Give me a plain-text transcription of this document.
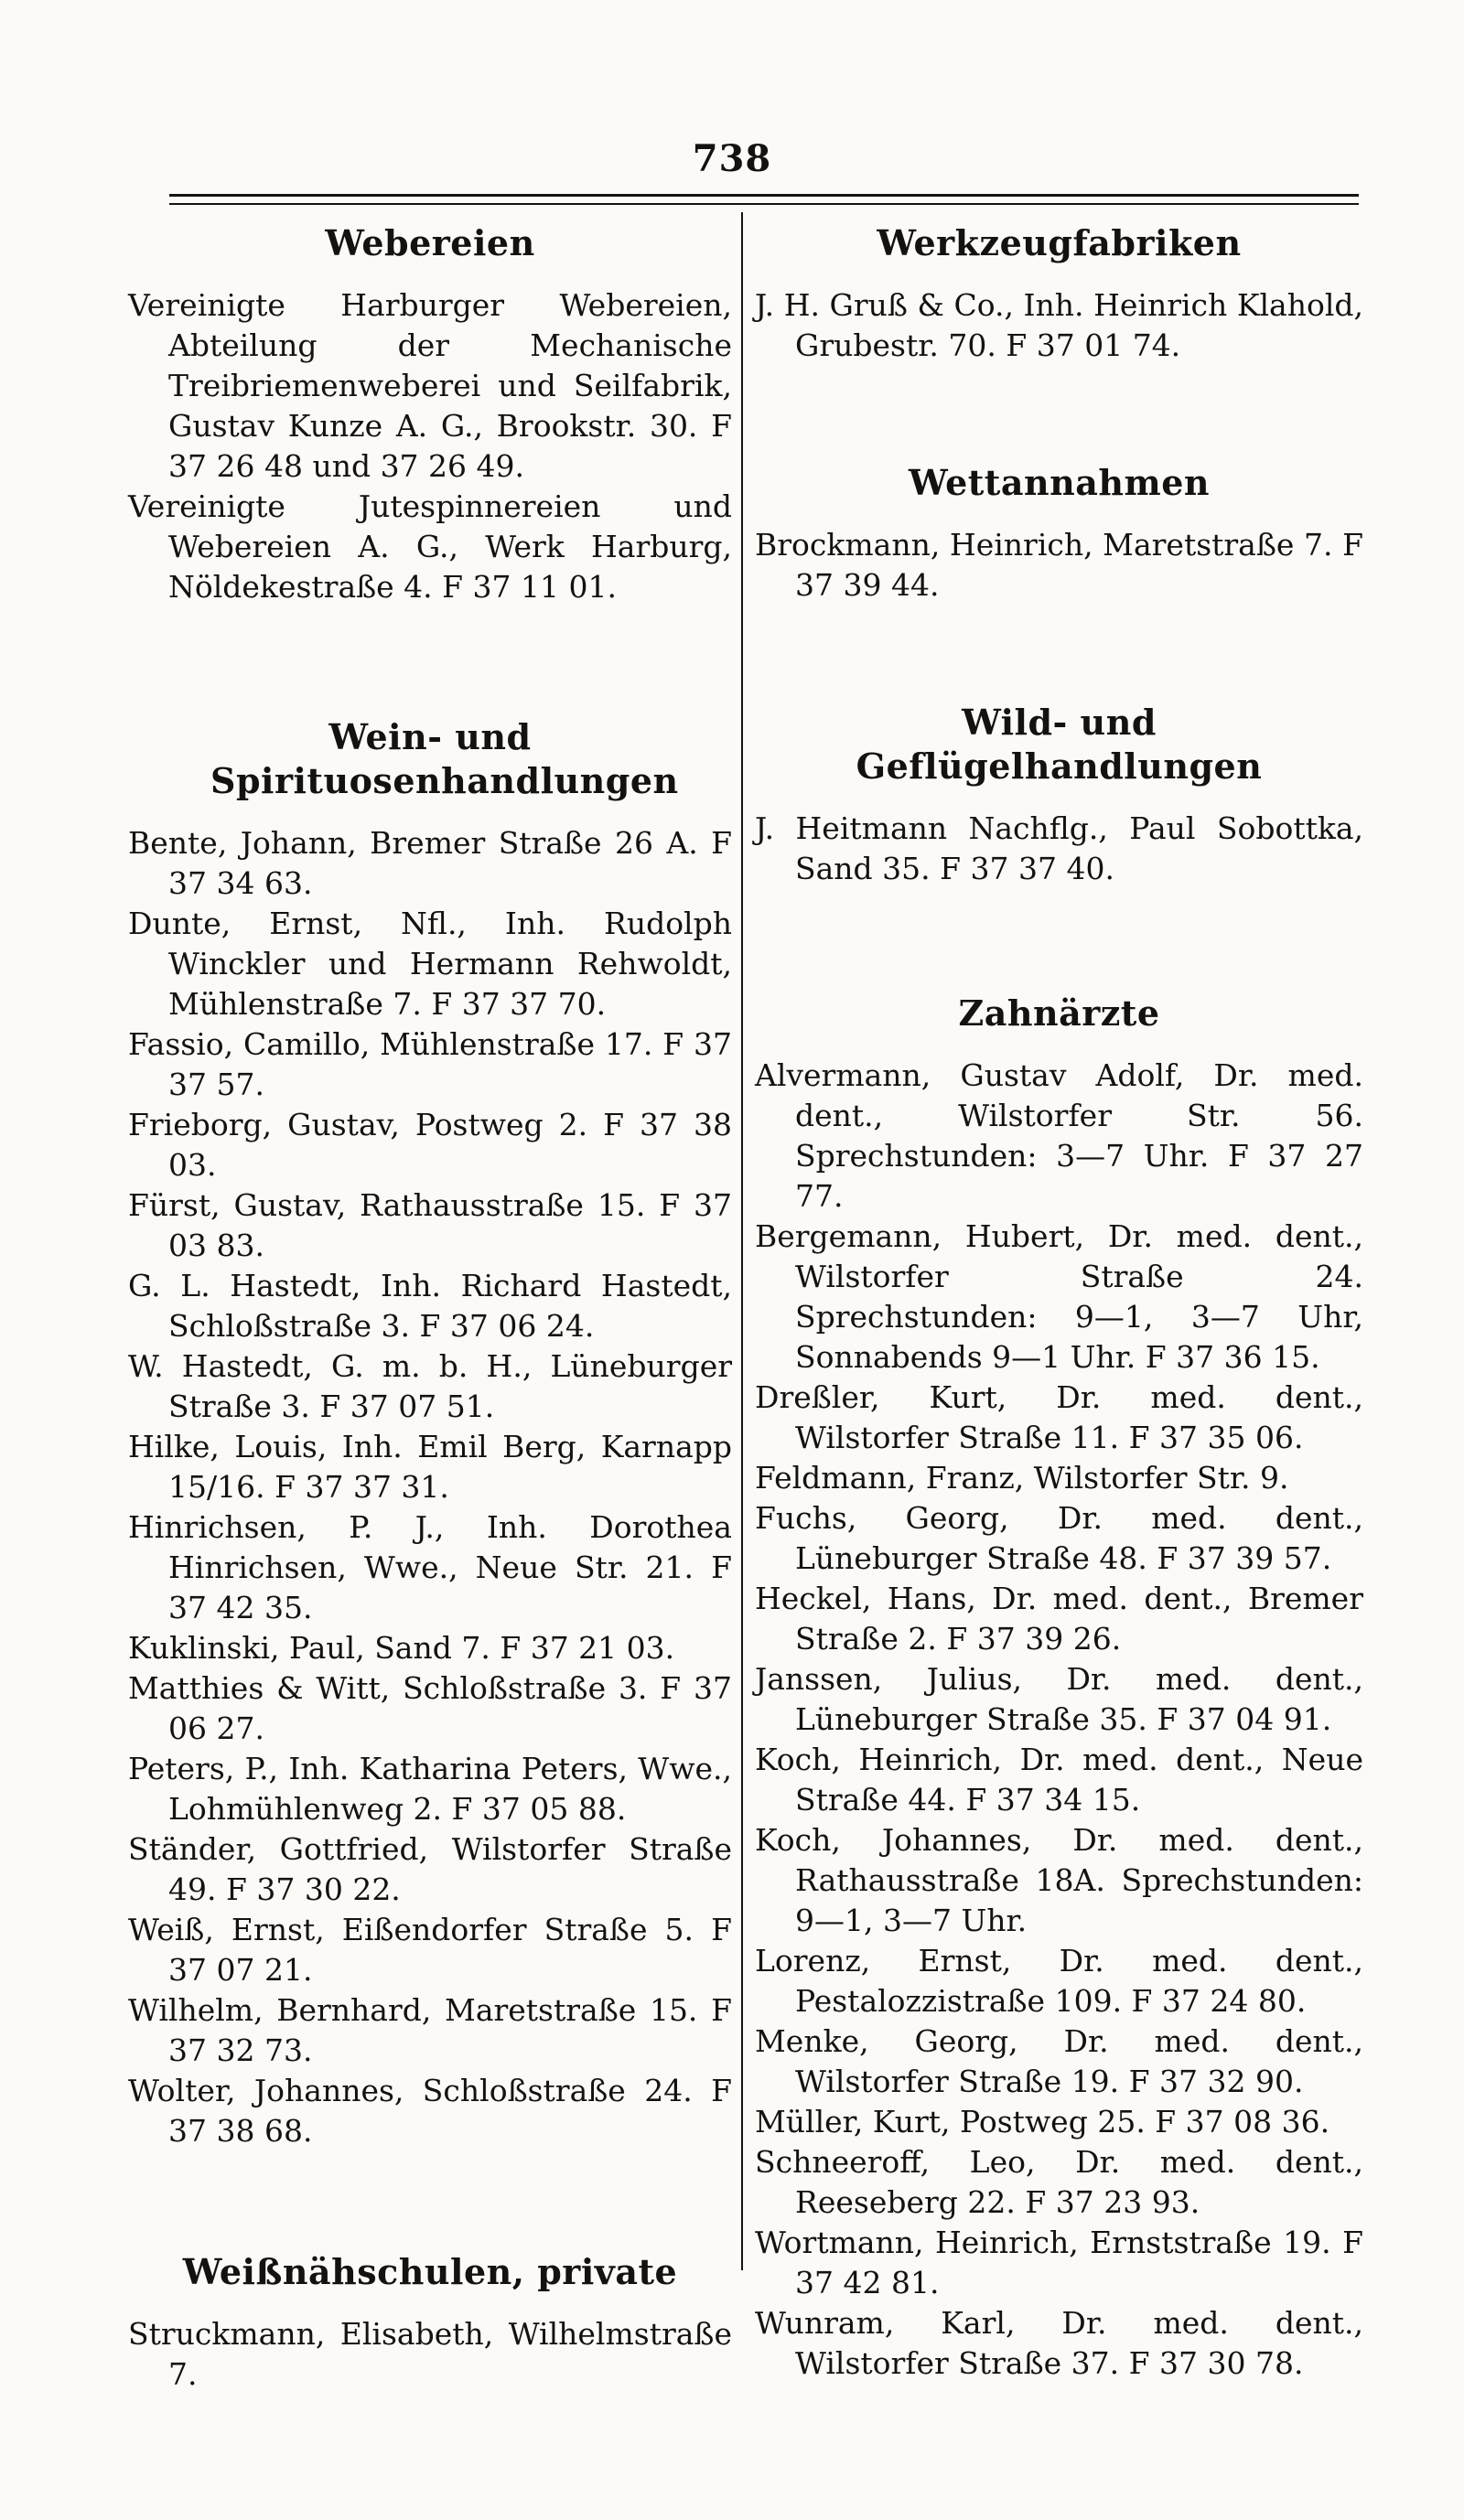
738
Webereien
Vereinigte Harburger Webereien, Abteilung der Mechanische Treibriemenweberei und Seilfabrik, Gustav Kunze A. G., Brookstr. 30. F 37 26 48 und 37 26 49.
Vereinigte Jutespinnereien und Webereien A. G., Werk Harburg, Nöldekestraße 4. F 37 11 01.
Wein- und Spirituosenhandlungen
Bente, Johann, Bremer Straße 26 A. F 37 34 63.
Dunte, Ernst, Nfl., Inh. Rudolph Winckler und Hermann Rehwoldt, Mühlenstraße 7. F 37 37 70.
Fassio, Camillo, Mühlenstraße 17. F 37 37 57.
Frieborg, Gustav, Postweg 2. F 37 38 03.
Fürst, Gustav, Rathausstraße 15. F 37 03 83.
G. L. Hastedt, Inh. Richard Hastedt, Schloßstraße 3. F 37 06 24.
W. Hastedt, G. m. b. H., Lüneburger Straße 3. F 37 07 51.
Hilke, Louis, Inh. Emil Berg, Karnapp 15/16. F 37 37 31.
Hinrichsen, P. J., Inh. Dorothea Hinrichsen, Wwe., Neue Str. 21. F 37 42 35.
Kuklinski, Paul, Sand 7. F 37 21 03.
Matthies & Witt, Schloßstraße 3. F 37 06 27.
Peters, P., Inh. Katharina Peters, Wwe., Lohmühlenweg 2. F 37 05 88.
Ständer, Gottfried, Wilstorfer Straße 49. F 37 30 22.
Weiß, Ernst, Eißendorfer Straße 5. F 37 07 21.
Wilhelm, Bernhard, Maretstraße 15. F 37 32 73.
Wolter, Johannes, Schloßstraße 24. F 37 38 68.
Weißnähschulen, private
Struckmann, Elisabeth, Wilhelmstraße 7.
Werkzeugfabriken
J. H. Gruß & Co., Inh. Heinrich Klahold, Grubestr. 70. F 37 01 74.
Wettannahmen
Brockmann, Heinrich, Maretstraße 7. F 37 39 44.
Wild- und Geflügelhandlungen
J. Heitmann Nachflg., Paul Sobottka, Sand 35. F 37 37 40.
Zahnärzte
Alvermann, Gustav Adolf, Dr. med. dent., Wilstorfer Str. 56. Sprechstunden: 3—7 Uhr. F 37 27 77.
Bergemann, Hubert, Dr. med. dent., Wilstorfer Straße 24. Sprechstunden: 9—1, 3—7 Uhr, Sonnabends 9—1 Uhr. F 37 36 15.
Dreßler, Kurt, Dr. med. dent., Wilstorfer Straße 11. F 37 35 06.
Feldmann, Franz, Wilstorfer Str. 9.
Fuchs, Georg, Dr. med. dent., Lüneburger Straße 48. F 37 39 57.
Heckel, Hans, Dr. med. dent., Bremer Straße 2. F 37 39 26.
Janssen, Julius, Dr. med. dent., Lüneburger Straße 35. F 37 04 91.
Koch, Heinrich, Dr. med. dent., Neue Straße 44. F 37 34 15.
Koch, Johannes, Dr. med. dent., Rathausstraße 18A. Sprechstunden: 9—1, 3—7 Uhr.
Lorenz, Ernst, Dr. med. dent., Pestalozzistraße 109. F 37 24 80.
Menke, Georg, Dr. med. dent., Wilstorfer Straße 19. F 37 32 90.
Müller, Kurt, Postweg 25. F 37 08 36.
Schneeroff, Leo, Dr. med. dent., Reeseberg 22. F 37 23 93.
Wortmann, Heinrich, Ernststraße 19. F 37 42 81.
Wunram, Karl, Dr. med. dent., Wilstorfer Straße 37. F 37 30 78.
